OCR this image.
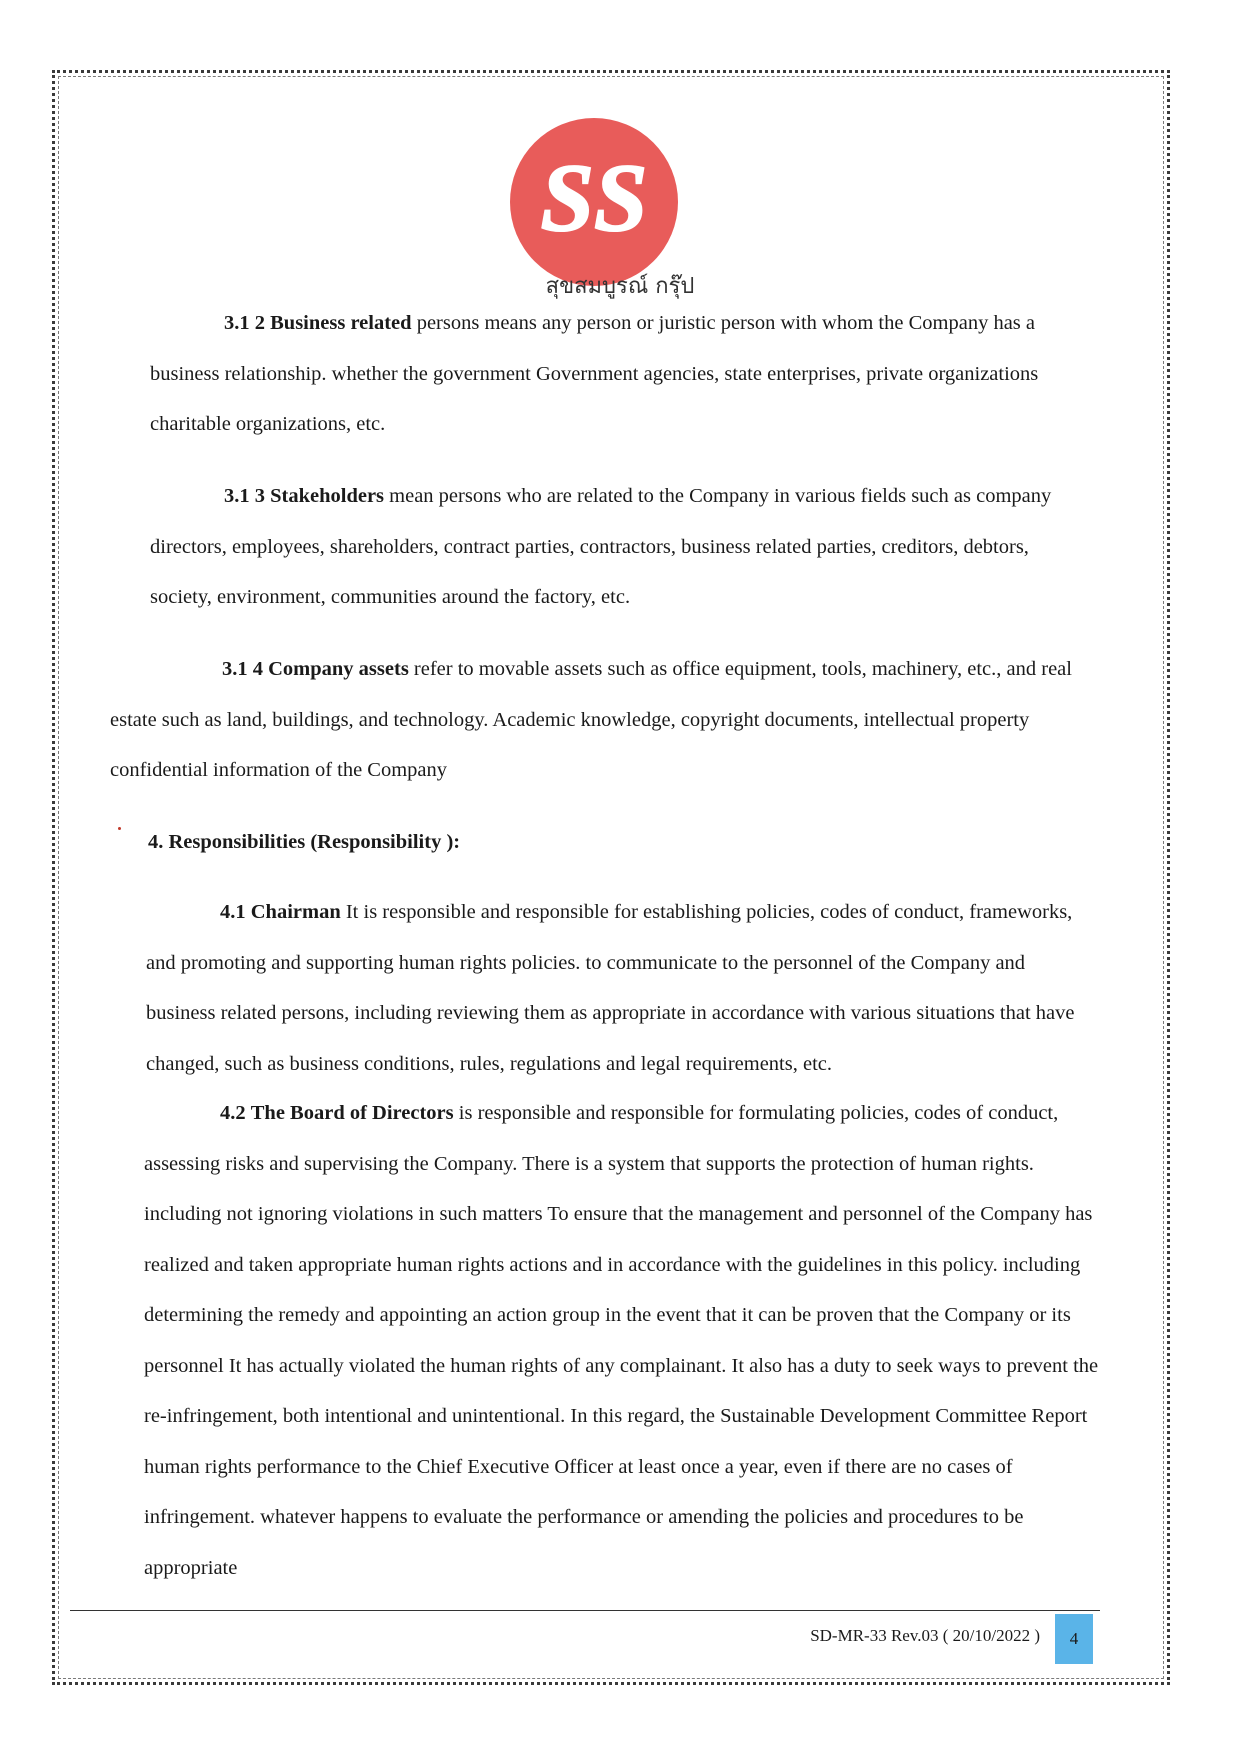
SS
สุขสมบูรณ์ กรุ๊ป

3.1 2 Business related persons means any person or juristic person with whom the Company has a business relationship. whether the government Government agencies, state enterprises, private organizations charitable organizations, etc.

3.1 3 Stakeholders mean persons who are related to the Company in various fields such as company directors, employees, shareholders, contract parties, contractors, business related parties, creditors, debtors, society, environment, communities around the factory, etc.

3.1 4 Company assets refer to movable assets such as office equipment, tools, machinery, etc., and real estate such as land, buildings, and technology. Academic knowledge, copyright documents, intellectual property confidential information of the Company

4. Responsibilities (Responsibility ):

4.1 Chairman It is responsible and responsible for establishing policies, codes of conduct, frameworks, and promoting and supporting human rights policies. to communicate to the personnel of the Company and business related persons, including reviewing them as appropriate in accordance with various situations that have changed, such as business conditions, rules, regulations and legal requirements, etc.

4.2 The Board of Directors is responsible and responsible for formulating policies, codes of conduct, assessing risks and supervising the Company. There is a system that supports the protection of human rights. including not ignoring violations in such matters To ensure that the management and personnel of the Company has realized and taken appropriate human rights actions and in accordance with the guidelines in this policy. including determining the remedy and appointing an action group in the event that it can be proven that the Company or its personnel It has actually violated the human rights of any complainant. It also has a duty to seek ways to prevent the re-infringement, both intentional and unintentional. In this regard, the Sustainable Development Committee Report human rights performance to the Chief Executive Officer at least once a year, even if there are no cases of infringement. whatever happens to evaluate the performance or amending the policies and procedures to be appropriate

SD-MR-33 Rev.03 ( 20/10/2022 )	4
